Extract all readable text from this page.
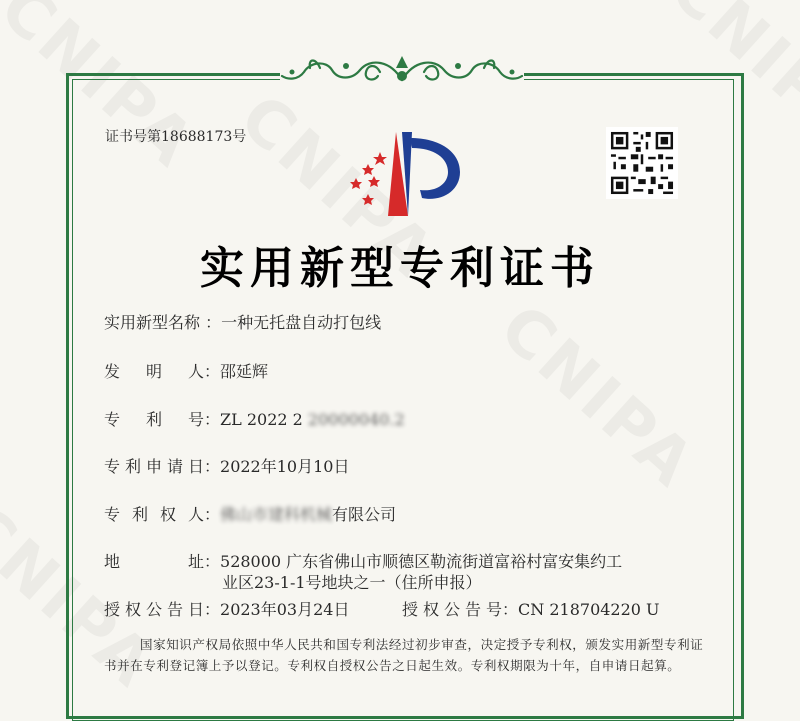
证书号第18688173号
实用新型专利证书
实用新型名称 ：一种无托盘自动打包线
发明人：邵延辉
专利号：ZL 2022 2 20000040.2
专利申请日：2022年10月10日
专利权人：佛山市建科机械有限公司
地址：528000 广东省佛山市顺德区勒流街道富裕村富安集约工
业区23-1-1号地块之一（住所申报）
授权公告日：2023年03月24日	授权公告号：CN 218704220 U
国家知识产权局依照中华人民共和国专利法经过初步审查，决定授予专利权，颁发实用新型专利证书并在专利登记簿上予以登记。专利权自授权公告之日起生效。专利权期限为十年，自申请日起算。
